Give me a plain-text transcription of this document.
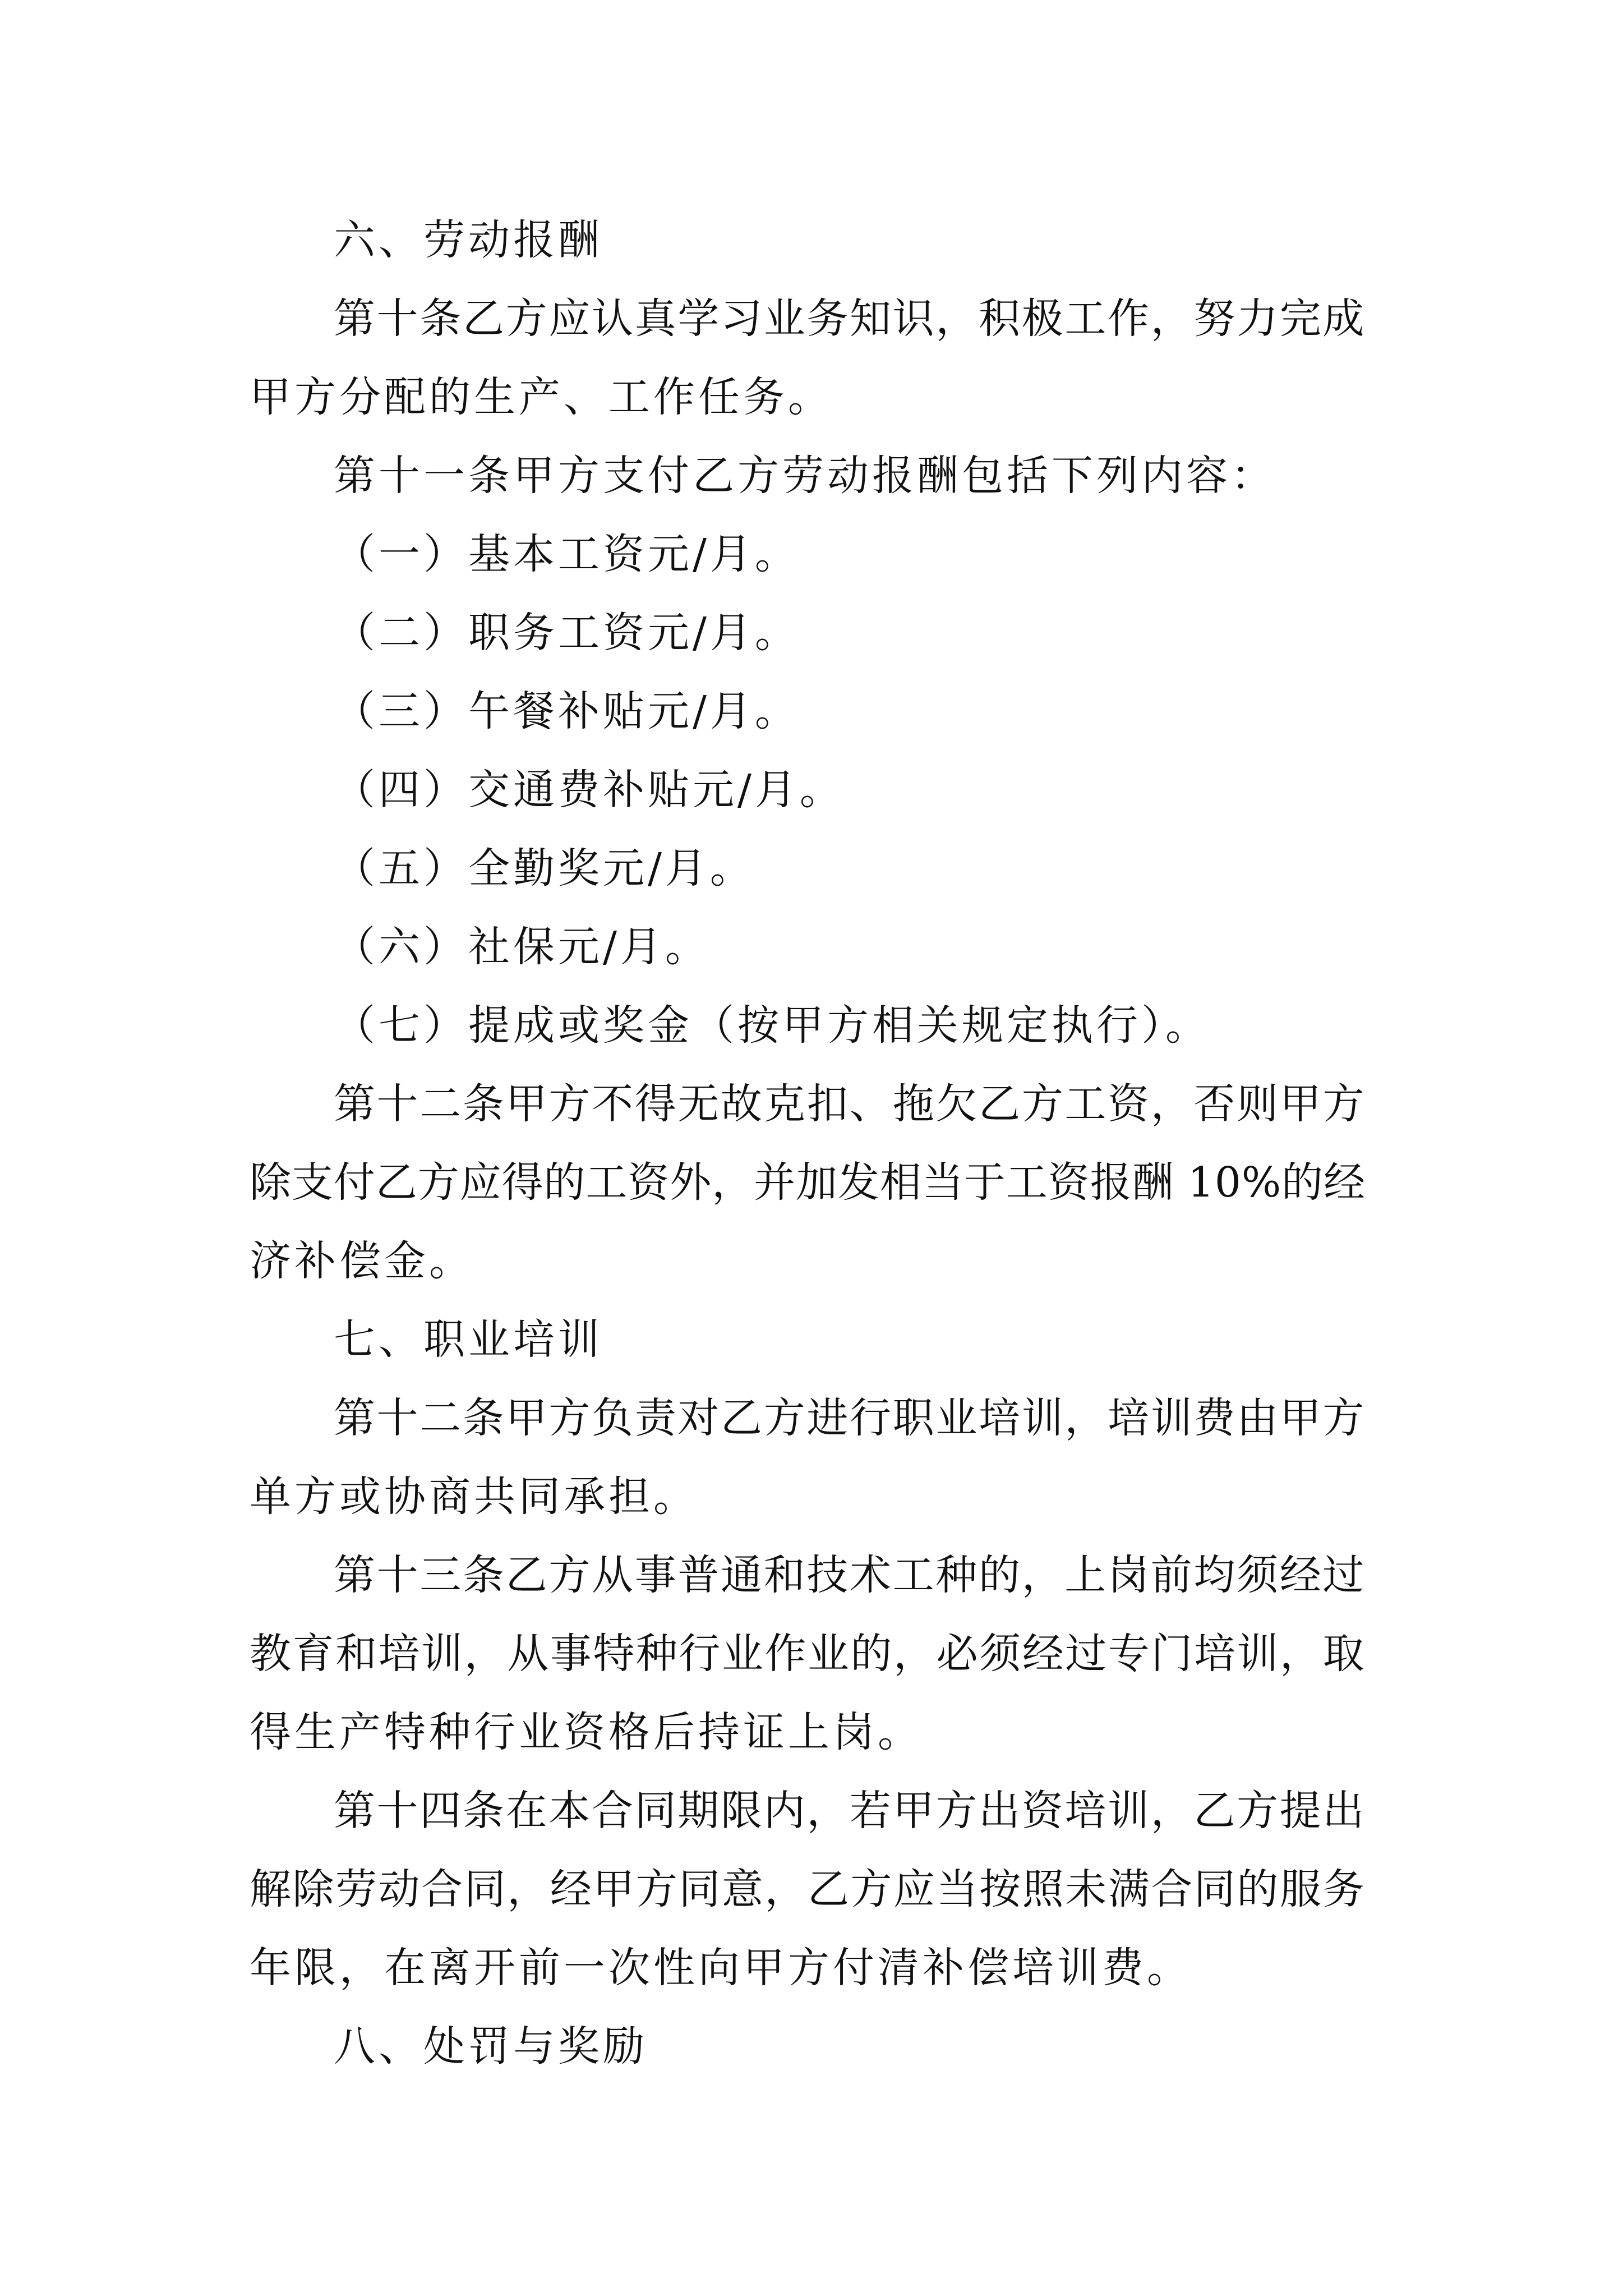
六、劳动报酬
第十条乙方应认真学习业务知识，积极工作，努力完成
甲方分配的生产、工作任务。
第十一条甲方支付乙方劳动报酬包括下列内容：
（一）基本工资元/月。
（二）职务工资元/月。
（三）午餐补贴元/月。
（四）交通费补贴元/月。
（五）全勤奖元/月。
（六）社保元/月。
（七）提成或奖金（按甲方相关规定执行）。
第十二条甲方不得无故克扣、拖欠乙方工资，否则甲方
除支付乙方应得的工资外，并加发相当于工资报酬 10%的经
济补偿金。
七、职业培训
第十二条甲方负责对乙方进行职业培训，培训费由甲方
单方或协商共同承担。
第十三条乙方从事普通和技术工种的，上岗前均须经过
教育和培训，从事特种行业作业的，必须经过专门培训，取
得生产特种行业资格后持证上岗。
第十四条在本合同期限内，若甲方出资培训，乙方提出
解除劳动合同，经甲方同意，乙方应当按照未满合同的服务
年限，在离开前一次性向甲方付清补偿培训费。
八、处罚与奖励
